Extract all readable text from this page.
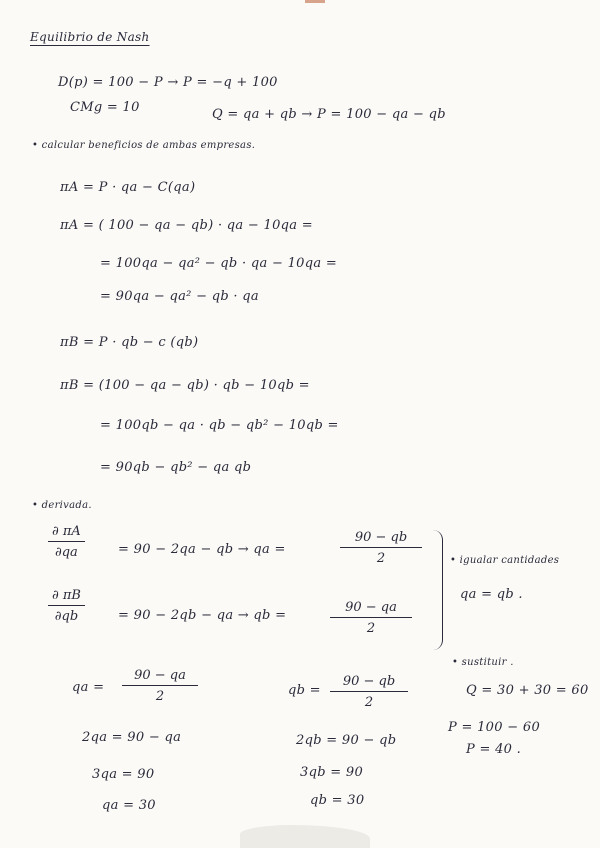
Equilibrio de Nash
D(p) = 100 − P → P = −q + 100
CMg = 10	Q = qa + qb → P = 100 − qa − qb
• calcular beneficios de ambas empresas.
πA = P · qa − C(qa)
πA = ( 100 − qa − qb) · qa − 10qa =
= 100qa − qa² − qb · qa − 10qa =
= 90qa − qa² − qb · qa
πB = P · qb − c (qb)
πB = (100 − qa − qb) · qb − 10qb =
= 100qb − qa · qb − qb² − 10qb =
= 90qb − qb² − qa qb
• derivada.
∂ πA
∂qa	= 90 − 2qa − qb → qa =
90 − qb
2
∂ πB
∂qb	= 90 − 2qb − qa → qb =
90 − qa
2
• igualar cantidades
qa = qb .
• sustituir .
Q = 30 + 30 = 60
P = 100 − 60
P = 40 .
qa =
90 − qa
2
2qa = 90 − qa
3qa = 90
qa = 30
qb =
90 − qb
2
2qb = 90 − qb
3qb = 90
qb = 30
